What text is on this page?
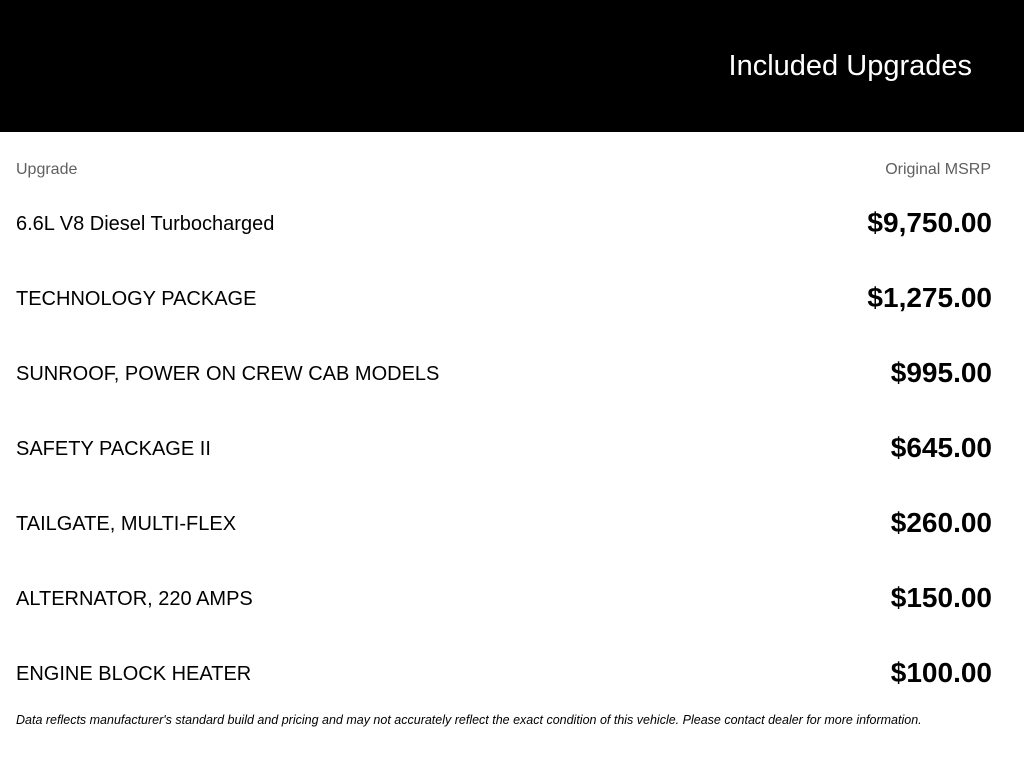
Included Upgrades
Upgrade	Original MSRP
6.6L V8 Diesel Turbocharged	$9,750.00
TECHNOLOGY PACKAGE	$1,275.00
SUNROOF, POWER ON CREW CAB MODELS	$995.00
SAFETY PACKAGE II	$645.00
TAILGATE, MULTI-FLEX	$260.00
ALTERNATOR, 220 AMPS	$150.00
ENGINE BLOCK HEATER	$100.00
Data reflects manufacturer's standard build and pricing and may not accurately reflect the exact condition of this vehicle. Please contact dealer for more information.
